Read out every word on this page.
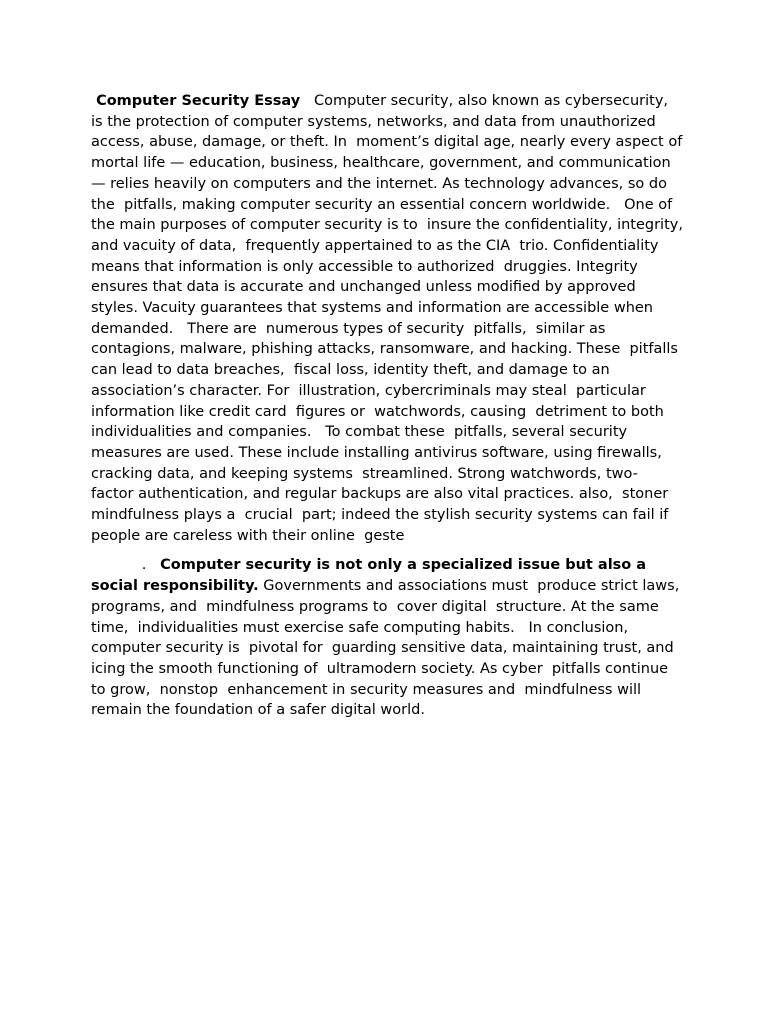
Computer Security Essay   Computer security, also known as cybersecurity, is the protection of computer systems, networks, and data from unauthorized access, abuse, damage, or theft. In  moment’s digital age, nearly every aspect of  mortal life — education, business, healthcare, government, and communication — relies heavily on computers and the internet. As technology advances, so do the  pitfalls, making computer security an essential concern worldwide.   One of the main purposes of computer security is to  insure the confidentiality, integrity, and vacuity of data,  frequently appertained to as the CIA  trio. Confidentiality means that information is only accessible to authorized  druggies. Integrity ensures that data is accurate and unchanged unless modified by approved  styles. Vacuity guarantees that systems and information are accessible when  demanded.   There are  numerous types of security  pitfalls,  similar as contagions, malware, phishing attacks, ransomware, and hacking. These  pitfalls can lead to data breaches,  fiscal loss, identity theft, and damage to an association’s character. For  illustration, cybercriminals may steal  particular information like credit card  figures or  watchwords, causing  detriment to both individualities and companies.   To combat these  pitfalls, several security measures are used. These include installing antivirus software, using firewalls, cracking data, and keeping systems  streamlined. Strong watchwords, two- factor authentication, and regular backups are also vital practices. also,  stoner  mindfulness plays a  crucial  part; indeed the stylish security systems can fail if people are careless with their online  geste

.   Computer security is not only a specialized issue but also a social responsibility. Governments and associations must  produce strict laws,  programs, and  mindfulness programs to  cover digital  structure. At the same time,  individualities must exercise safe computing habits.   In conclusion, computer security is  pivotal for  guarding sensitive data, maintaining trust, and  icing the smooth functioning of  ultramodern society. As cyber  pitfalls continue to grow,  nonstop  enhancement in security measures and  mindfulness will remain the foundation of a safer digital world.
